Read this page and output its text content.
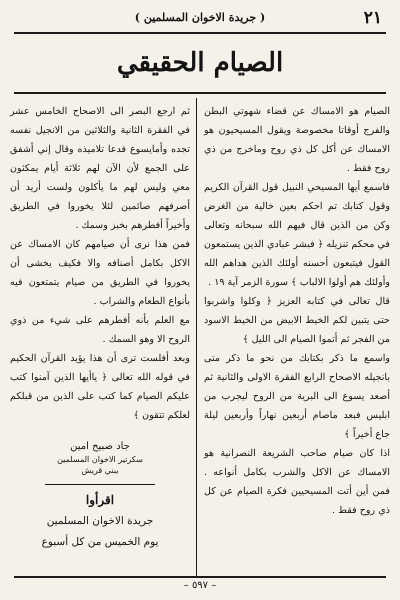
٢١
( جريدة الاخوان المسلمين )
الصيام الحقيقي

الصيام هو الامساك عن قضاء شهوتي البطن والفرج أوقاتا مخصوصة ويقول المسيحيون هو الامساك عن أكل كل ذي روح وماخرج من ذي روح فقط .

فاسمع أيها المسيحي النبيل قول القرآن الكريم وقول كتابك تم احكم بعين خالية من الغرض وكن من الذين قال فيهم الله سبحانه وتعالى في محكم تنزيله ﴿ فبشر عبادي الذين يستمعون القول فيتبعون أحسنه أولئك الذين هداهم الله وأولئك هم أولوا الالباب ﴾ سورة الزمر آية ١٩ .

قال تعالى في كتابه العزيز ﴿ وكلوا واشربوا حتى يتبين لكم الخيط الابيض من الخيط الاسود من الفجر ثم أتموا الصيام الى الليل ﴾

واسمع ما ذكر بكتابك من نحو ما ذكر متى بانجيله الاصحاح الرابع الفقرة الاولى والثانية ثم أصعد يسوع الى البرية من الروح ليجرب من ابليس فبعد ماصام أربعين نهاراً وأربعين ليلة جاع أخيراً ﴾

اذا كان صيام صاحب الشريعة النصرانية هو الامساك عن الاكل والشرب بكامل أنواعه . فمن أين أتت المسيحيين فكرة الصيام عن كل ذي روح فقط .

ثم ارجع البصر الى الاصحاح الخامس عشر في الفقرة الثانية والثلاثين من الانجيل نفسه تجده وأمايسوع فدعا تلاميذه وقال إني أشفق على الجمع لأن الآن لهم ثلاثة أيام يمكثون معي وليس لهم ما يأكلون ولست أريد أن أصرفهم صائمين لئلا يخوروا في الطريق وأخيراً أفطرهم بخبز وسمك .

فمن هذا نرى أن صيامهم كان الامساك عن الاكل بكامل أصنافه والا فكيف يخشى أن يخوروا في الطريق من صيام يتمتعون فيه بأنواع الطعام والشراب .

مع العلم بأنه أفطرهم على شيء من ذوي الروح الا وهو السمك .

وبعد أفلست ترى أن هذا يؤيد القرآن الحكيم في قوله الله تعالى ﴿ ياأيها الذين آمنوا كتب عليكم الصيام كما كتب على الذين من قبلكم لعلكم تتقون ﴾

جاد صبيح امين
سكرتير الاخوان المسلمين
ببني قريش
اقرأوا
جريدة الاخوان المسلمين
يوم الخميس من كل أسبوع
– ٥٩٧ –
